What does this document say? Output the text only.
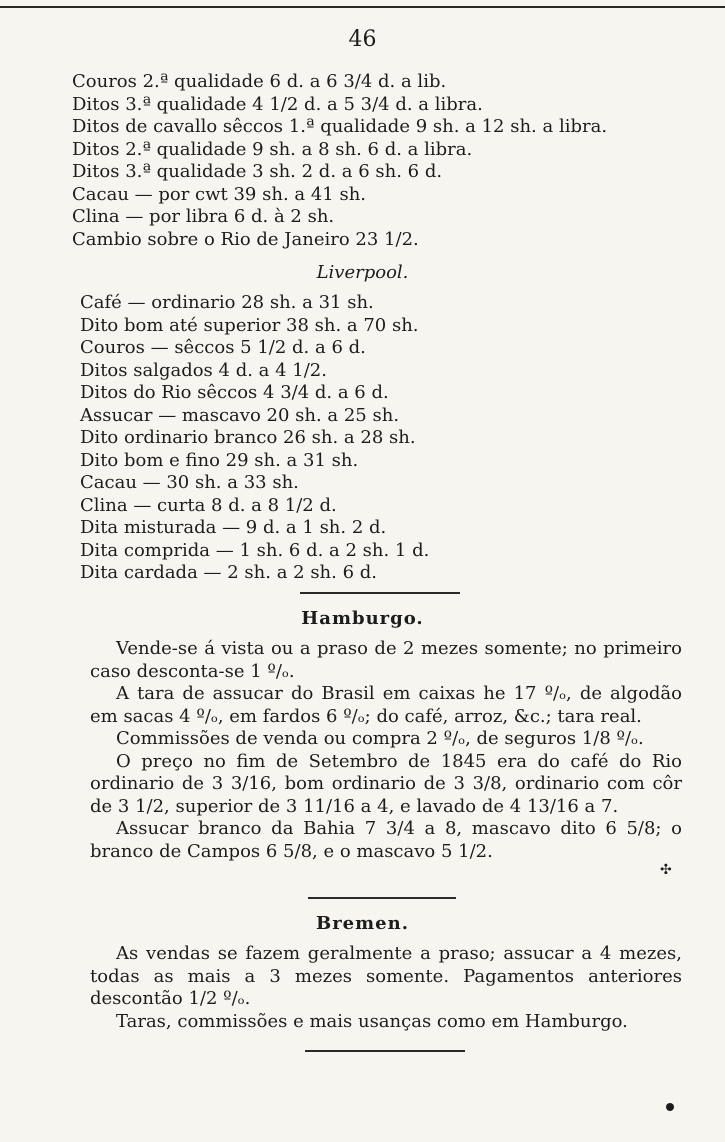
46
Couros 2.ª qualidade 6 d. a 6 3/4 d. a lib.
Ditos 3.ª qualidade 4 1/2 d. a 5 3/4 d. a libra.
Ditos de cavallo sêccos 1.ª qualidade 9 sh. a 12 sh. a libra.
Ditos 2.ª qualidade 9 sh. a 8 sh. 6 d. a libra.
Ditos 3.ª qualidade 3 sh. 2 d. a 6 sh. 6 d.
Cacau — por cwt 39 sh. a 41 sh.
Clina — por libra 6 d. à 2 sh.
Cambio sobre o Rio de Janeiro 23 1/2.
Liverpool.
Café — ordinario 28 sh. a 31 sh.
Dito bom até superior 38 sh. a 70 sh.
Couros — sêccos 5 1/2 d. a 6 d.
Ditos salgados 4 d. a 4 1/2.
Ditos do Rio sêccos 4 3/4 d. a 6 d.
Assucar — mascavo 20 sh. a 25 sh.
Dito ordinario branco 26 sh. a 28 sh.
Dito bom e fino 29 sh. a 31 sh.
Cacau — 30 sh. a 33 sh.
Clina — curta 8 d. a 8 1/2 d.
Dita misturada — 9 d. a 1 sh. 2 d.
Dita comprida — 1 sh. 6 d. a 2 sh. 1 d.
Dita cardada — 2 sh. a 2 sh. 6 d.
Hamburgo.

Vende-se á vista ou a praso de 2 mezes somente; no primeiro caso desconta-se 1 º/ₒ.

A tara de assucar do Brasil em caixas he 17 º/ₒ, de algodão em sacas 4 º/ₒ, em fardos 6 º/ₒ; do café, arroz, &c.; tara real.

Commissões de venda ou compra 2 º/ₒ, de seguros 1/8 º/ₒ.

O preço no fim de Setembro de 1845 era do café do Rio ordinario de 3 3/16, bom ordinario de 3 3/8, ordinario com côr de 3 1/2, superior de 3 11/16 a 4, e lavado de 4 13/16 a 7.

Assucar branco da Bahia 7 3/4 a 8, mascavo dito 6 5/8; o branco de Campos 6 5/8, e o mascavo 5 1/2.

Bremen.

As vendas se fazem geralmente a praso; assucar a 4 mezes, todas as mais a 3 mezes somente. Pagamentos anteriores descontão 1/2 º/ₒ.

Taras, commissões e mais usanças como em Hamburgo.

✣
